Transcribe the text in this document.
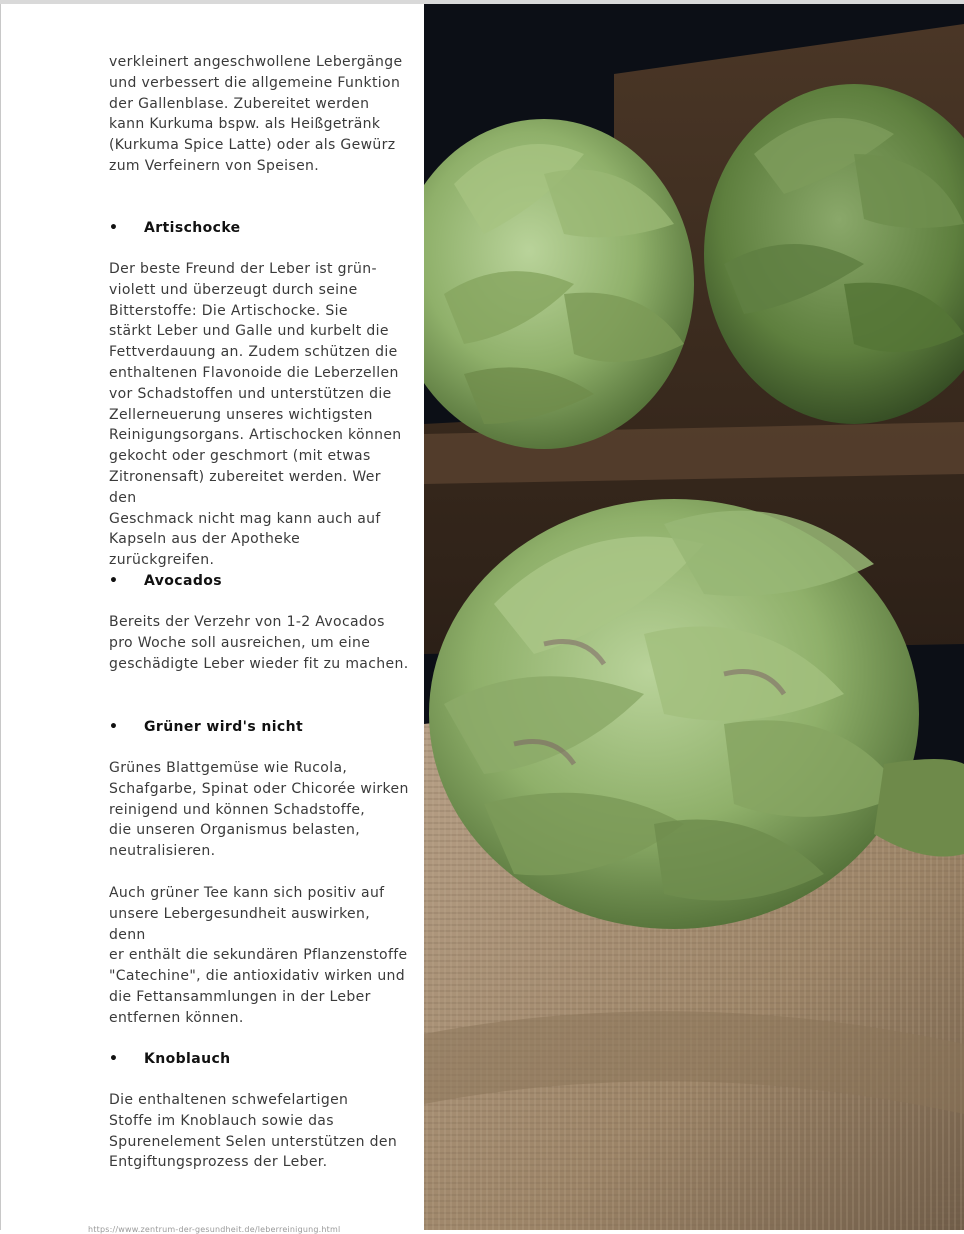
verkleinert angeschwollene Lebergänge
und verbessert die allgemeine Funktion
der Gallenblase. Zubereitet werden
kann Kurkuma bspw. als Heißgetränk
(Kurkuma Spice Latte) oder als Gewürz
zum Verfeinern von Speisen.

• Artischocke

Der beste Freund der Leber ist grün-
violett und überzeugt durch seine
Bitterstoffe: Die Artischocke. Sie
stärkt Leber und Galle und kurbelt die
Fettverdauung an. Zudem schützen die
enthaltenen Flavonoide die Leberzellen
vor Schadstoffen und unterstützen die
Zellerneuerung unseres wichtigsten
Reinigungsorgans. Artischocken können
gekocht oder geschmort (mit etwas
Zitronensaft) zubereitet werden. Wer den
Geschmack nicht mag kann auch auf
Kapseln aus der Apotheke zurückgreifen.

• Avocados

Bereits der Verzehr von 1-2 Avocados
pro Woche soll ausreichen, um eine
geschädigte Leber wieder fit zu machen.

• Grüner wird's nicht

Grünes Blattgemüse wie Rucola,
Schafgarbe, Spinat oder Chicorée wirken
reinigend und können Schadstoffe,
die unseren Organismus belasten,
neutralisieren.

Auch grüner Tee kann sich positiv auf
unsere Lebergesundheit auswirken, denn
er enthält die sekundären Pflanzenstoffe
"Catechine", die antioxidativ wirken und
die Fettansammlungen in der Leber
entfernen können.

• Knoblauch

Die enthaltenen schwefelartigen
Stoffe im Knoblauch sowie das
Spurenelement Selen unterstützen den
Entgiftungsprozess der Leber.

https://www.zentrum-der-gesundheit.de/leberreinigung.html
